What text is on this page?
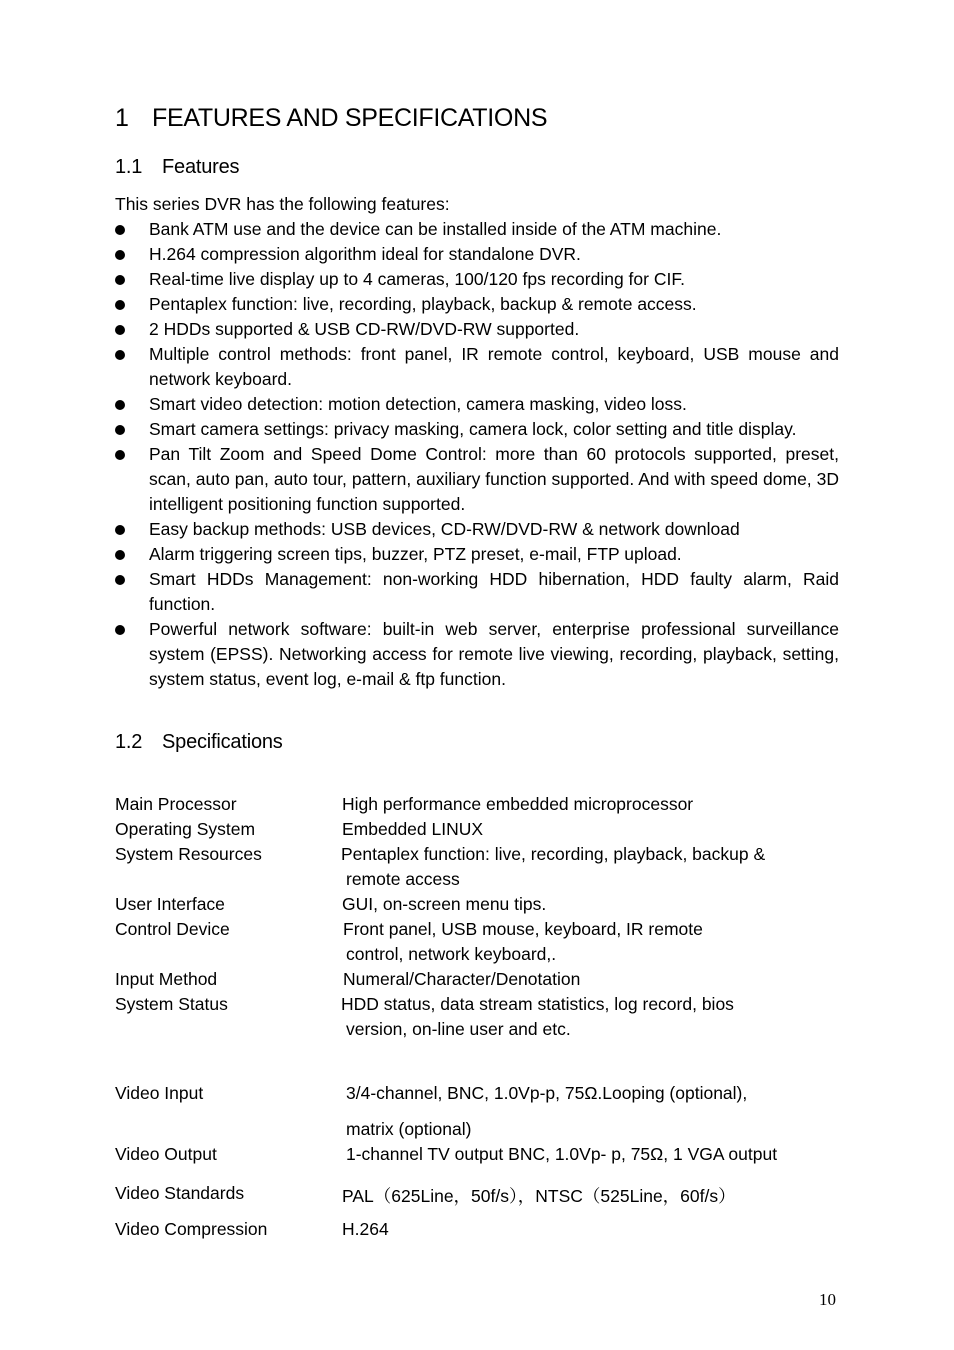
1 FEATURES AND SPECIFICATIONS
1.1 Features
This series DVR has the following features:
Bank ATM use and the device can be installed inside of the ATM machine.
H.264 compression algorithm ideal for standalone DVR.
Real-time live display up to 4 cameras, 100/120 fps recording for CIF.
Pentaplex function: live, recording, playback, backup & remote access.
2 HDDs supported & USB CD-RW/DVD-RW supported.
Multiple control methods: front panel, IR remote control, keyboard, USB mouse and network keyboard.
Smart video detection: motion detection, camera masking, video loss.
Smart camera settings: privacy masking, camera lock, color setting and title display.
Pan Tilt Zoom and Speed Dome Control: more than 60 protocols supported, preset, scan, auto pan, auto tour, pattern, auxiliary function supported. And with speed dome, 3D intelligent positioning function supported.
Easy backup methods: USB devices, CD-RW/DVD-RW & network download
Alarm triggering screen tips, buzzer, PTZ preset, e-mail, FTP upload.
Smart HDDs Management: non-working HDD hibernation, HDD faulty alarm, Raid function.
Powerful network software: built-in web server, enterprise professional surveillance system (EPSS). Networking access for remote live viewing, recording, playback, setting, system status, event log, e-mail & ftp function.
1.2 Specifications
Main Processor	High performance embedded microprocessor
Operating System	Embedded LINUX
System Resources	Pentaplex function: live, recording, playback, backup &
remote access
User Interface	GUI, on-screen menu tips.
Control Device	Front panel, USB mouse, keyboard, IR remote
control, network keyboard,.
Input Method	Numeral/Character/Denotation
System Status	HDD status, data stream statistics, log record, bios
version, on-line user and etc.
Video Input	3/4-channel, BNC, 1.0Vp-p, 75Ω.Looping (optional),
matrix (optional)
Video Output	1-channel TV output BNC, 1.0Vp- p, 75Ω, 1 VGA output
Video Standards	PAL（625Line，50f/s），NTSC（525Line，60f/s）
Video Compression	H.264
10
